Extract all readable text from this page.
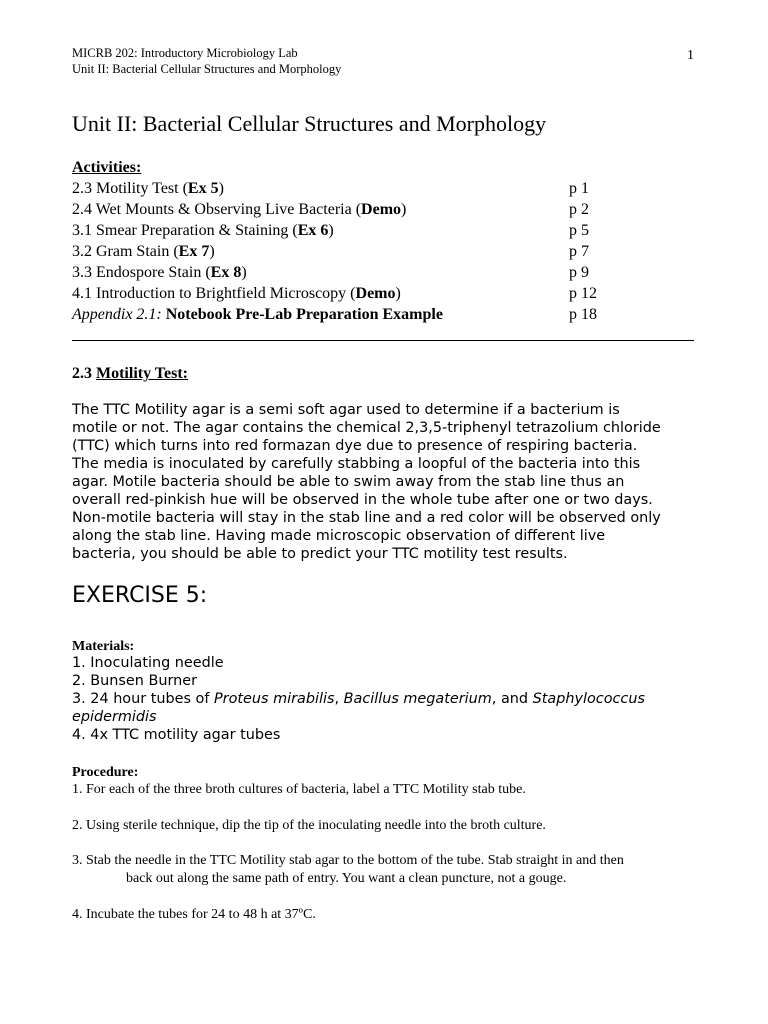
MICRB 202: Introductory Microbiology Lab
Unit II: Bacterial Cellular Structures and Morphology
1
Unit II: Bacterial Cellular Structures and Morphology
Activities:
2.3 Motility Test (Ex 5)	p 1
2.4 Wet Mounts & Observing Live Bacteria (Demo)	p 2
3.1 Smear Preparation & Staining (Ex 6)	p 5
3.2 Gram Stain (Ex 7)	p 7
3.3 Endospore Stain (Ex 8)	p 9
4.1 Introduction to Brightfield Microscopy (Demo)	p 12
Appendix 2.1: Notebook Pre-Lab Preparation Example	p 18
2.3 Motility Test:
The TTC Motility agar is a semi soft agar used to determine if a bacterium is
motile or not. The agar contains the chemical 2,3,5-triphenyl tetrazolium chloride
(TTC) which turns into red formazan dye due to presence of respiring bacteria.
The media is inoculated by carefully stabbing a loopful of the bacteria into this
agar. Motile bacteria should be able to swim away from the stab line thus an
overall red-pinkish hue will be observed in the whole tube after one or two days.
Non-motile bacteria will stay in the stab line and a red color will be observed only
along the stab line. Having made microscopic observation of different live
bacteria, you should be able to predict your TTC motility test results.
EXERCISE 5:
Materials:
1. Inoculating needle
2. Bunsen Burner
3. 24 hour tubes of Proteus mirabilis, Bacillus megaterium, and Staphylococcus
epidermidis
4. 4x TTC motility agar tubes
Procedure:
1. For each of the three broth cultures of bacteria, label a TTC Motility stab tube.
2. Using sterile technique, dip the tip of the inoculating needle into the broth culture.
3. Stab the needle in the TTC Motility stab agar to the bottom of the tube. Stab straight in and then
back out along the same path of entry. You want a clean puncture, not a gouge.
4. Incubate the tubes for 24 to 48 h at 37ºC.
